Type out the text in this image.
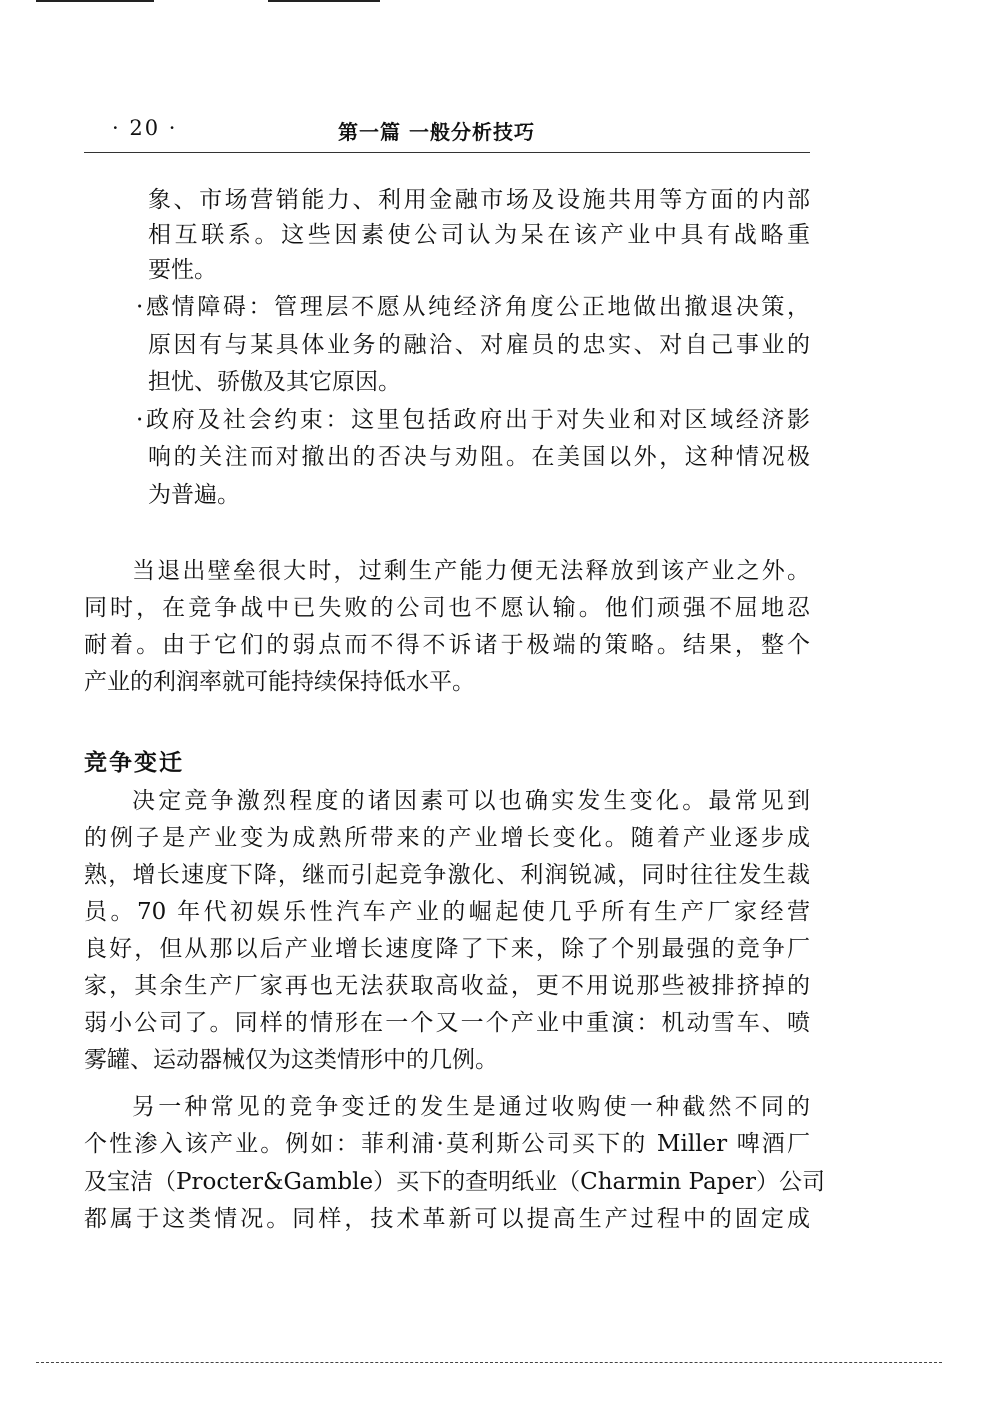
· 20 ·	第一篇 一般分析技巧
象、市场营销能力、利用金融市场及设施共用等方面的内部
相互联系。这些因素使公司认为呆在该产业中具有战略重
要性。
·感情障碍：管理层不愿从纯经济角度公正地做出撤退决策，
原因有与某具体业务的融洽、对雇员的忠实、对自己事业的
担忧、骄傲及其它原因。
·政府及社会约束：这里包括政府出于对失业和对区域经济影
响的关注而对撤出的否决与劝阻。在美国以外，这种情况极
为普遍。
当退出壁垒很大时，过剩生产能力便无法释放到该产业之外。
同时，在竞争战中已失败的公司也不愿认输。他们顽强不屈地忍
耐着。由于它们的弱点而不得不诉诸于极端的策略。结果，整个
产业的利润率就可能持续保持低水平。
竞争变迁
决定竞争激烈程度的诸因素可以也确实发生变化。最常见到
的例子是产业变为成熟所带来的产业增长变化。随着产业逐步成
熟，增长速度下降，继而引起竞争激化、利润锐减，同时往往发生裁
员。70 年代初娱乐性汽车产业的崛起使几乎所有生产厂家经营
良好，但从那以后产业增长速度降了下来，除了个别最强的竞争厂
家，其余生产厂家再也无法获取高收益，更不用说那些被排挤掉的
弱小公司了。同样的情形在一个又一个产业中重演：机动雪车、喷
雾罐、运动器械仅为这类情形中的几例。
另一种常见的竞争变迁的发生是通过收购使一种截然不同的
个性渗入该产业。例如：菲利浦·莫利斯公司买下的 Miller 啤酒厂
及宝洁（Procter&Gamble）买下的查明纸业（Charmin Paper）公司
都属于这类情况。同样，技术革新可以提高生产过程中的固定成
